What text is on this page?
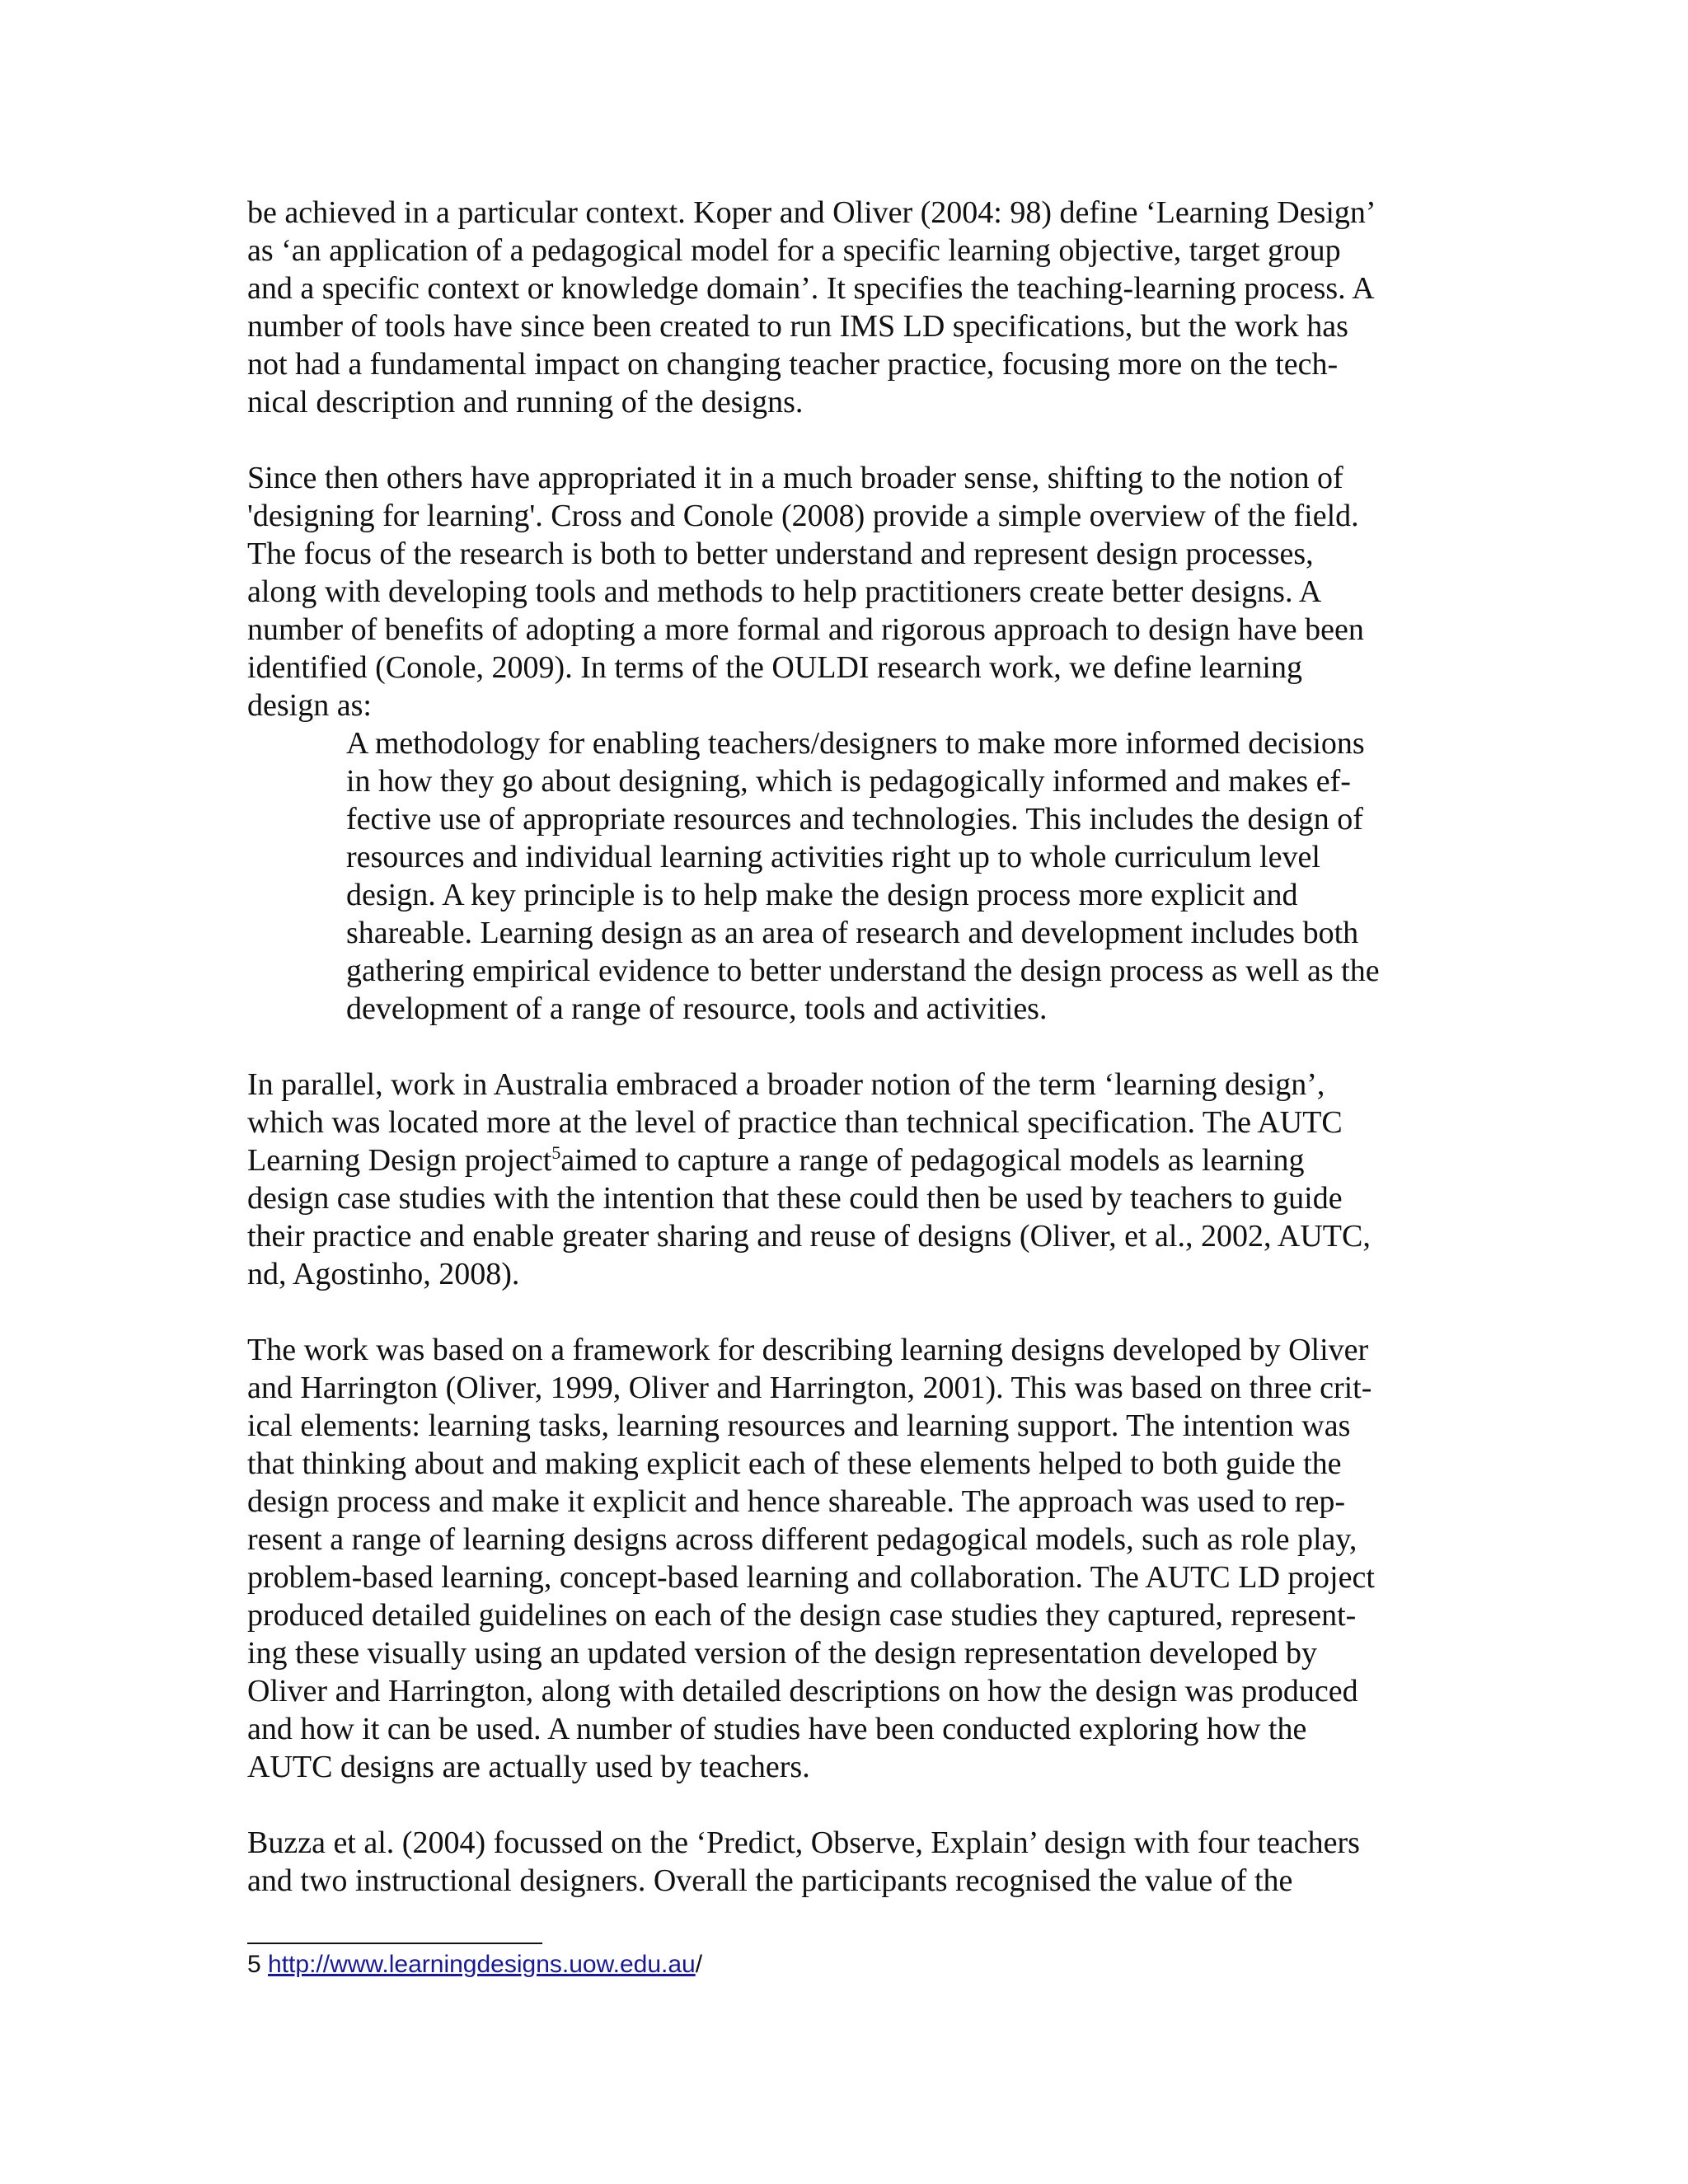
be achieved in a particular context. Koper and Oliver (2004: 98) define ‘Learning Design’
as ‘an application of a pedagogical model for a specific learning objective, target group
and a specific context or knowledge domain’. It specifies the teaching-learning process. A
number of tools have since been created to run IMS LD specifications, but the work has
not had a fundamental impact on changing teacher practice, focusing more on the tech-
nical description and running of the designs.
Since then others have appropriated it in a much broader sense, shifting to the notion of
'designing for learning'. Cross and Conole (2008) provide a simple overview of the field.
The focus of the research is both to better understand and represent design processes,
along with developing tools and methods to help practitioners create better designs. A
number of benefits of adopting a more formal and rigorous approach to design have been
identified (Conole, 2009). In terms of the OULDI research work, we define learning
design as:
A methodology for enabling teachers/designers to make more informed decisions
in how they go about designing, which is pedagogically informed and makes ef-
fective use of appropriate resources and technologies. This includes the design of
resources and individual learning activities right up to whole curriculum level
design. A key principle is to help make the design process more explicit and
shareable. Learning design as an area of research and development includes both
gathering empirical evidence to better understand the design process as well as the
development of a range of resource, tools and activities.
In parallel, work in Australia embraced a broader notion of the term ‘learning design’,
which was located more at the level of practice than technical specification. The AUTC
Learning Design project$^5$aimed to capture a range of pedagogical models as learning
design case studies with the intention that these could then be used by teachers to guide
their practice and enable greater sharing and reuse of designs (Oliver, et al., 2002, AUTC,
nd, Agostinho, 2008).
The work was based on a framework for describing learning designs developed by Oliver
and Harrington (Oliver, 1999, Oliver and Harrington, 2001). This was based on three crit-
ical elements: learning tasks, learning resources and learning support. The intention was
that thinking about and making explicit each of these elements helped to both guide the
design process and make it explicit and hence shareable. The approach was used to rep-
resent a range of learning designs across different pedagogical models, such as role play,
problem-based learning, concept-based learning and collaboration. The AUTC LD project
produced detailed guidelines on each of the design case studies they captured, represent-
ing these visually using an updated version of the design representation developed by
Oliver and Harrington, along with detailed descriptions on how the design was produced
and how it can be used. A number of studies have been conducted exploring how the
AUTC designs are actually used by teachers.
Buzza et al. (2004) focussed on the ‘Predict, Observe, Explain’ design with four teachers
and two instructional designers. Overall the participants recognised the value of the
5 http://www.learningdesigns.uow.edu.au/
